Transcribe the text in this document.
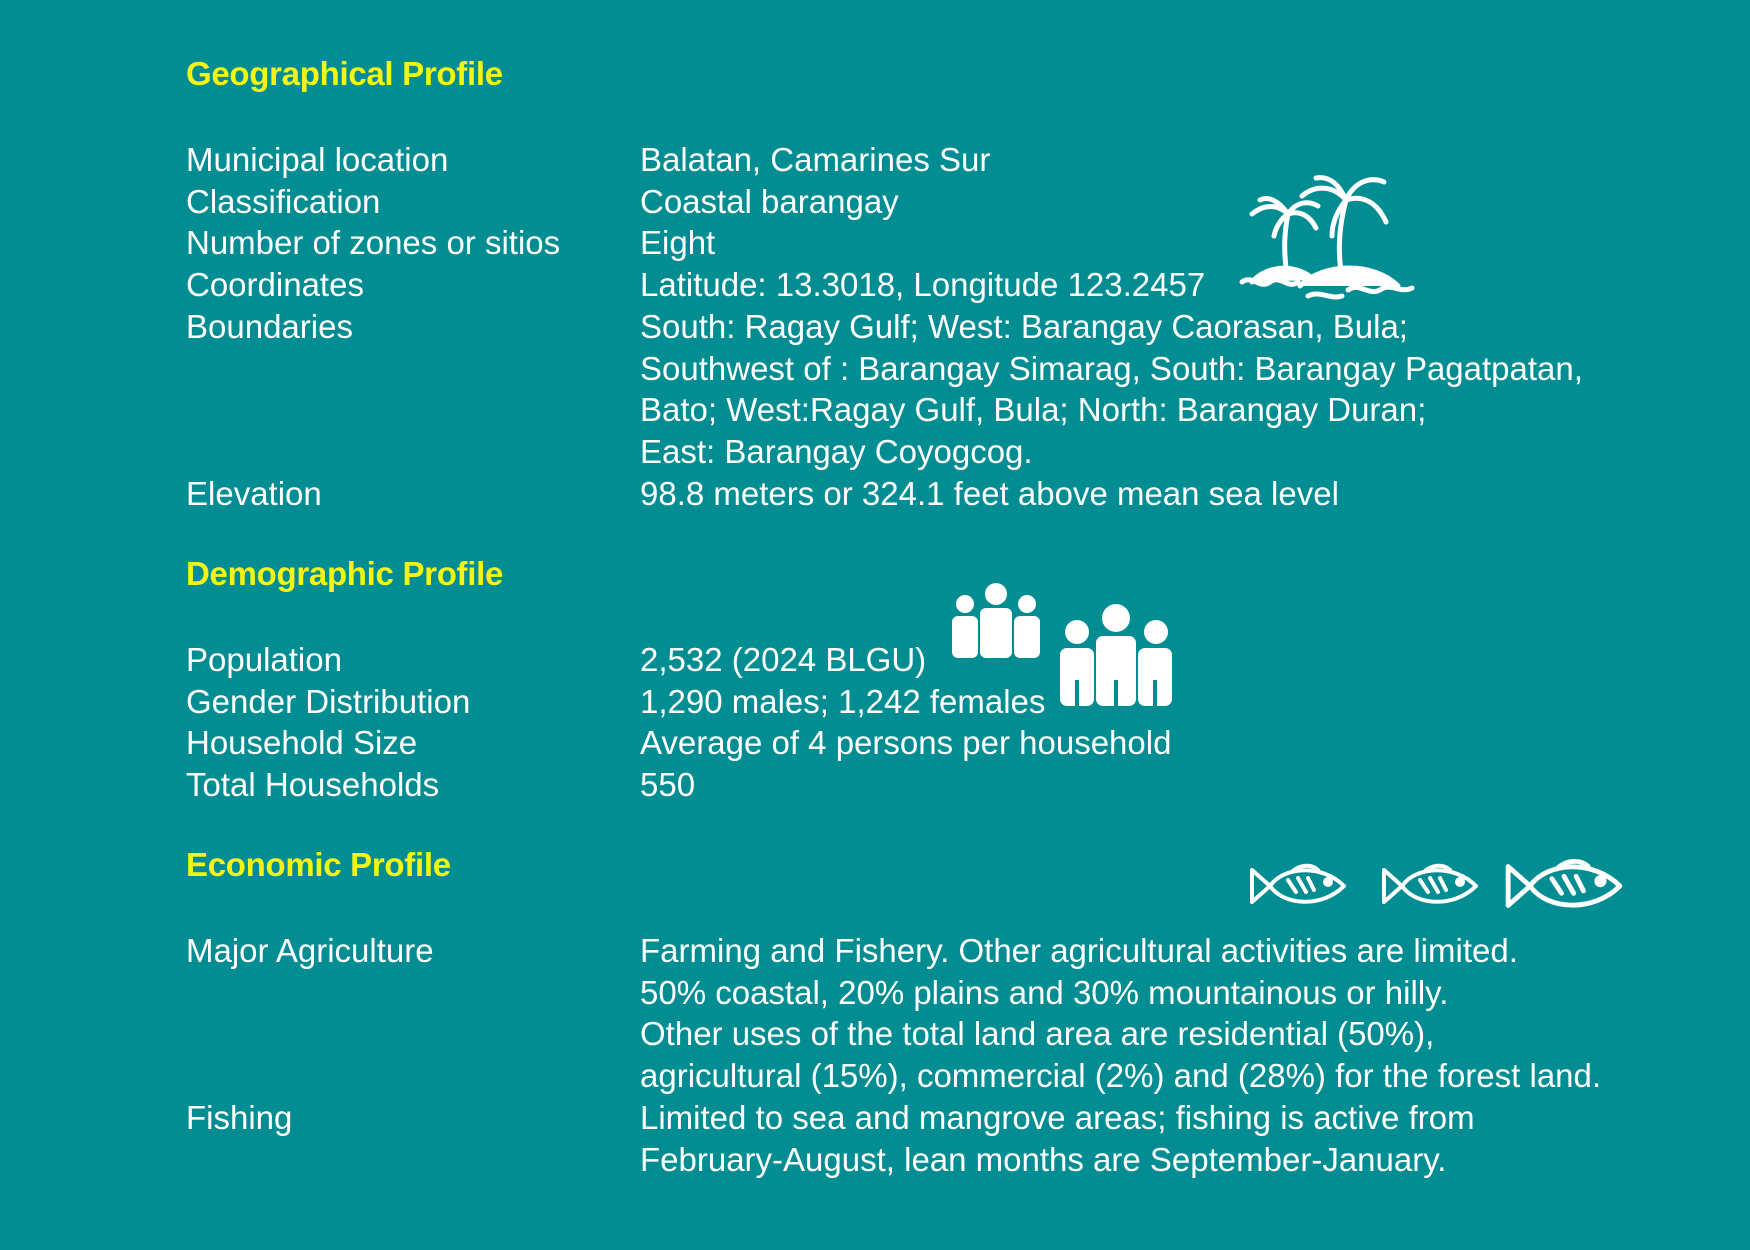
Geographical Profile
Municipal location	Balatan, Camarines Sur
Classification	Coastal barangay
Number of zones or sitios Eight
Coordinates	Latitude: 13.3018, Longitude 123.2457
Boundaries	South: Ragay Gulf; West: Barangay Caorasan, Bula;
Southwest of : Barangay Simarag, South: Barangay Pagatpatan,
Bato; West:Ragay Gulf, Bula; North: Barangay Duran;
East: Barangay Coyogcog.
Elevation	98.8 meters or 324.1 feet above mean sea level
Demographic Profile
Population	2,532 (2024 BLGU)
Gender Distribution	1,290 males; 1,242 females
Household Size	Average of 4 persons per household
Total Households	550
Economic Profile
Major Agriculture	Farming and Fishery. Other agricultural activities are limited.
50% coastal, 20% plains and 30% mountainous or hilly.
Other uses of the total land area are residential (50%),
agricultural (15%), commercial (2%) and (28%) for the forest land.
Fishing	Limited to sea and mangrove areas; fishing is active from
February-August, lean months are September-January.
